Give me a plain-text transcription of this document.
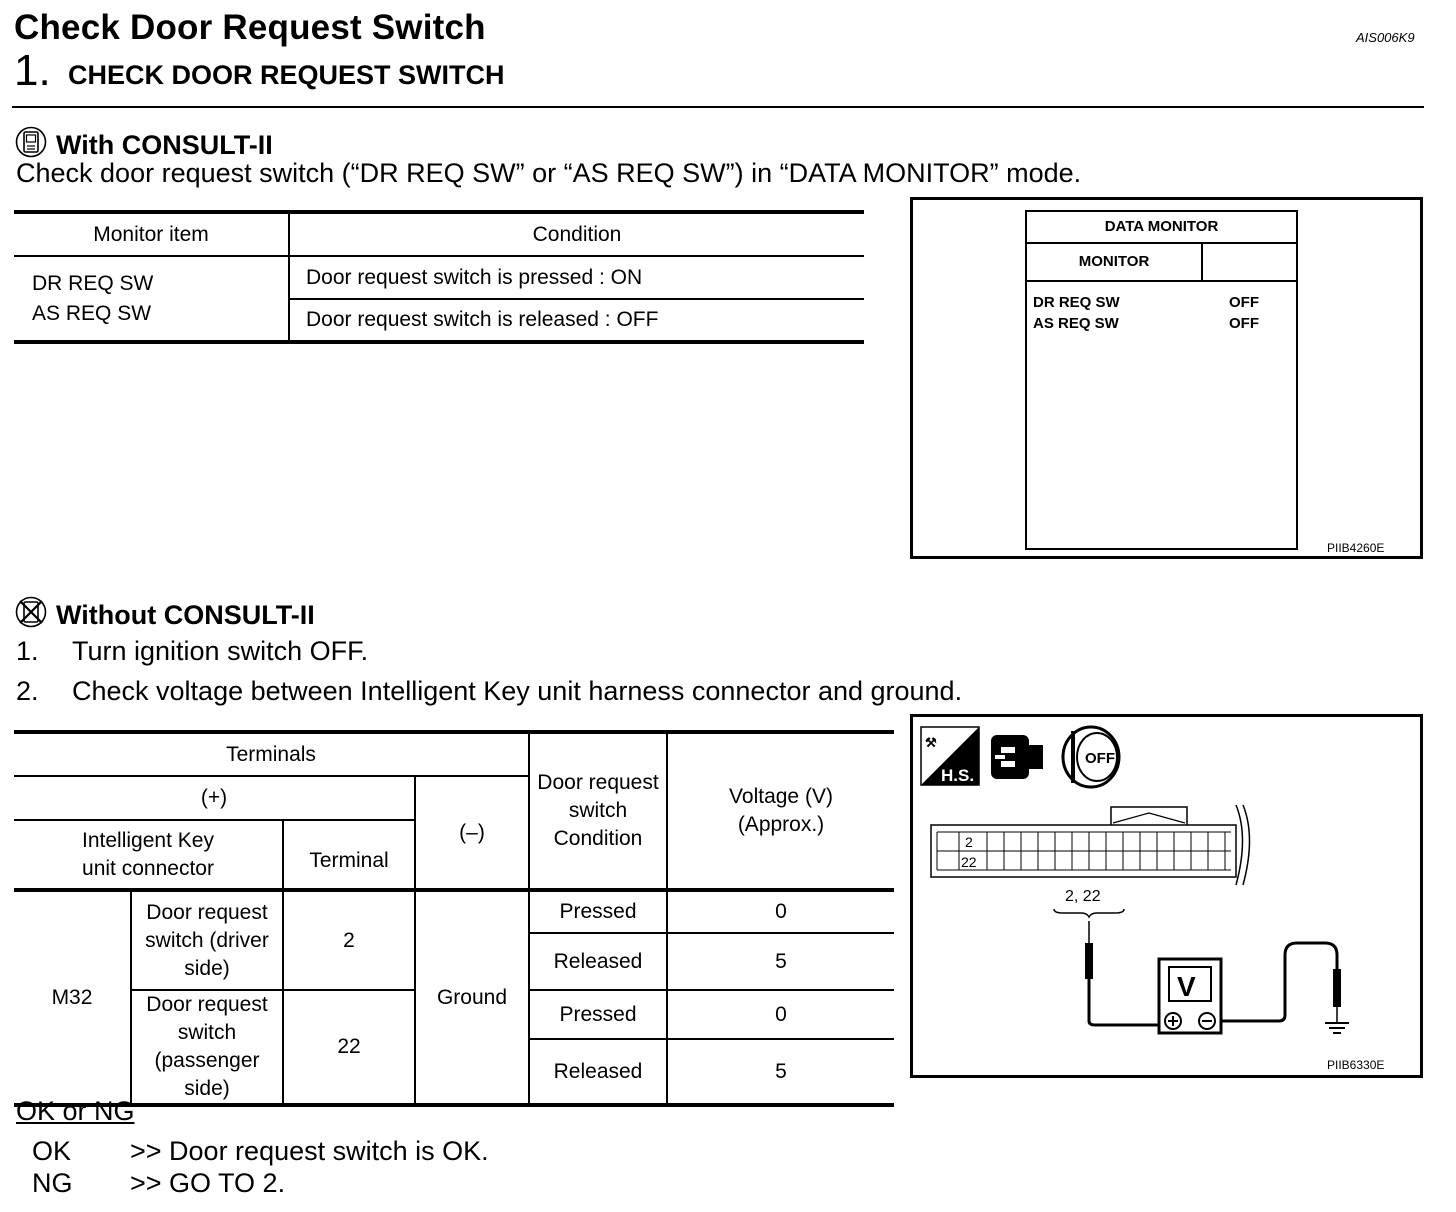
Check Door Request Switch	AIS006K9
1. CHECK DOOR REQUEST SWITCH
With CONSULT-II
Check door request switch (“DR REQ SW” or “AS REQ SW”) in “DATA MONITOR” mode.
Monitor item	Condition

DR REQ SW
AS REQ SW	Door request switch is pressed : ON
	Door request switch is released : OFF
DATA MONITOR
MONITOR
DR REQ SW	OFF
AS REQ SW	OFF
PIIB4260E
Without CONSULT-II
1. Turn ignition switch OFF.
2. Check voltage between Intelligent Key unit harness connector and ground.
Terminals				Door request switch Condition	Voltage (V) (Approx.)
(+)			(–)		
Intelligent Key unit connector		Terminal			
M32	Door request switch (driver side)	2	Ground	Pressed	0
				Released	5
	Door request switch (passenger side)	22		Pressed	0
				Released	5
⚒
H.S.
OFF
2
22
2, 22
V
PIIB6330E
OK or NG
OK >> Door request switch is OK.
NG >> GO TO 2.
